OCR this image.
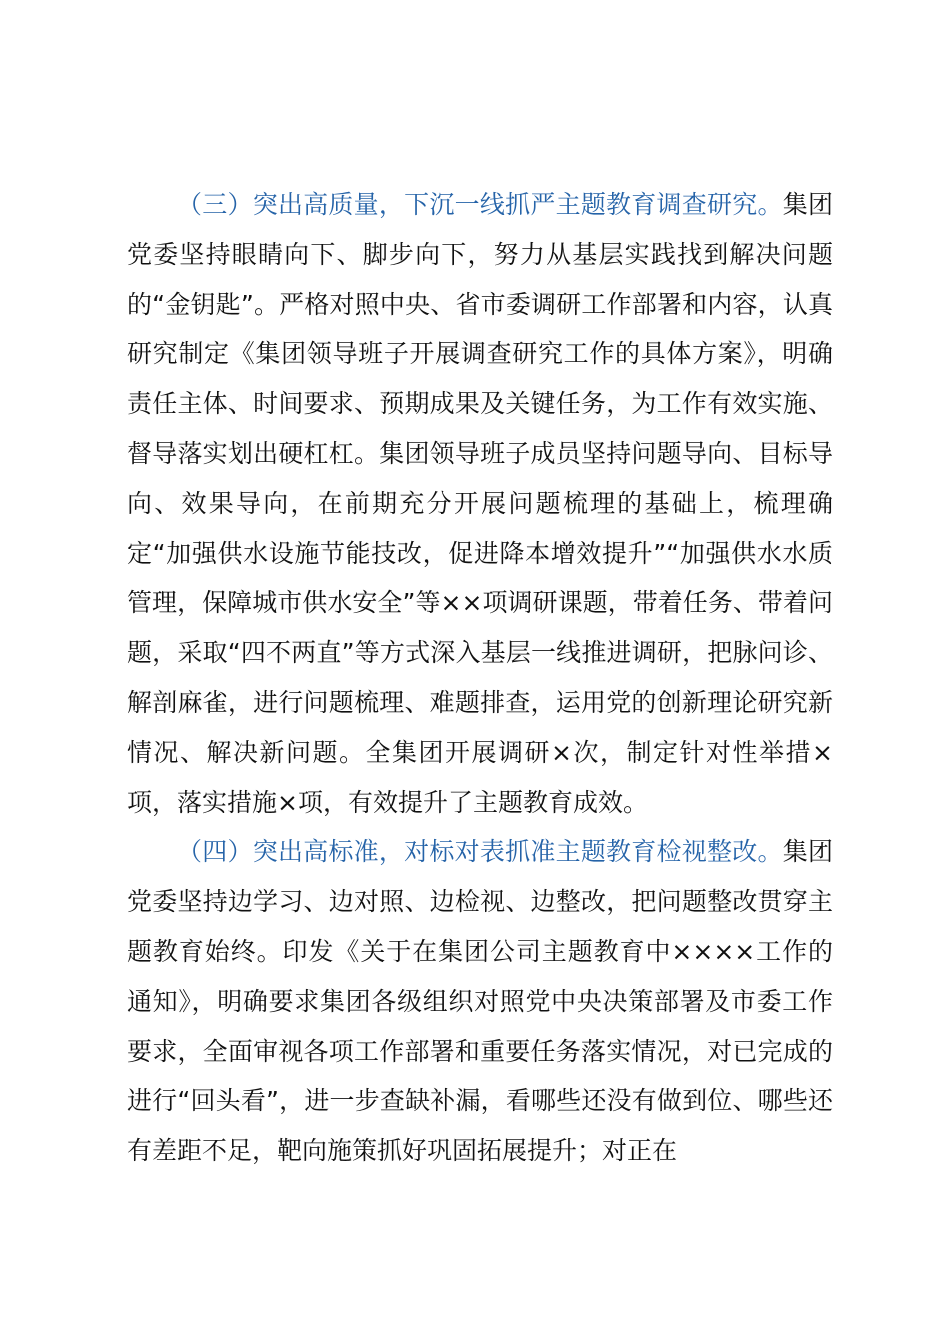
（三）突出高质量，下沉一线抓严主题教育调查研究。集团党委坚持眼睛向下、脚步向下，努力从基层实践找到解决问题的“金钥匙”。严格对照中央、省市委调研工作部署和内容，认真研究制定《集团领导班子开展调查研究工作的具体方案》，明确责任主体、时间要求、预期成果及关键任务，为工作有效实施、督导落实划出硬杠杠。集团领导班子成员坚持问题导向、目标导向、效果导向，在前期充分开展问题梳理的基础上，梳理确定“加强供水设施节能技改，促进降本增效提升”“加强供水水质管理，保障城市供水安全”等××项调研课题，带着任务、带着问题，采取“四不两直”等方式深入基层一线推进调研，把脉问诊、解剖麻雀，进行问题梳理、难题排查，运用党的创新理论研究新情况、解决新问题。全集团开展调研×次，制定针对性举措×项，落实措施×项，有效提升了主题教育成效。

（四）突出高标准，对标对表抓准主题教育检视整改。集团党委坚持边学习、边对照、边检视、边整改，把问题整改贯穿主题教育始终。印发《关于在集团公司主题教育中××××工作的通知》，明确要求集团各级组织对照党中央决策部署及市委工作要求，全面审视各项工作部署和重要任务落实情况，对已完成的进行“回头看”，进一步查缺补漏，看哪些还没有做到位、哪些还有差距不足，靶向施策抓好巩固拓展提升；对正在
